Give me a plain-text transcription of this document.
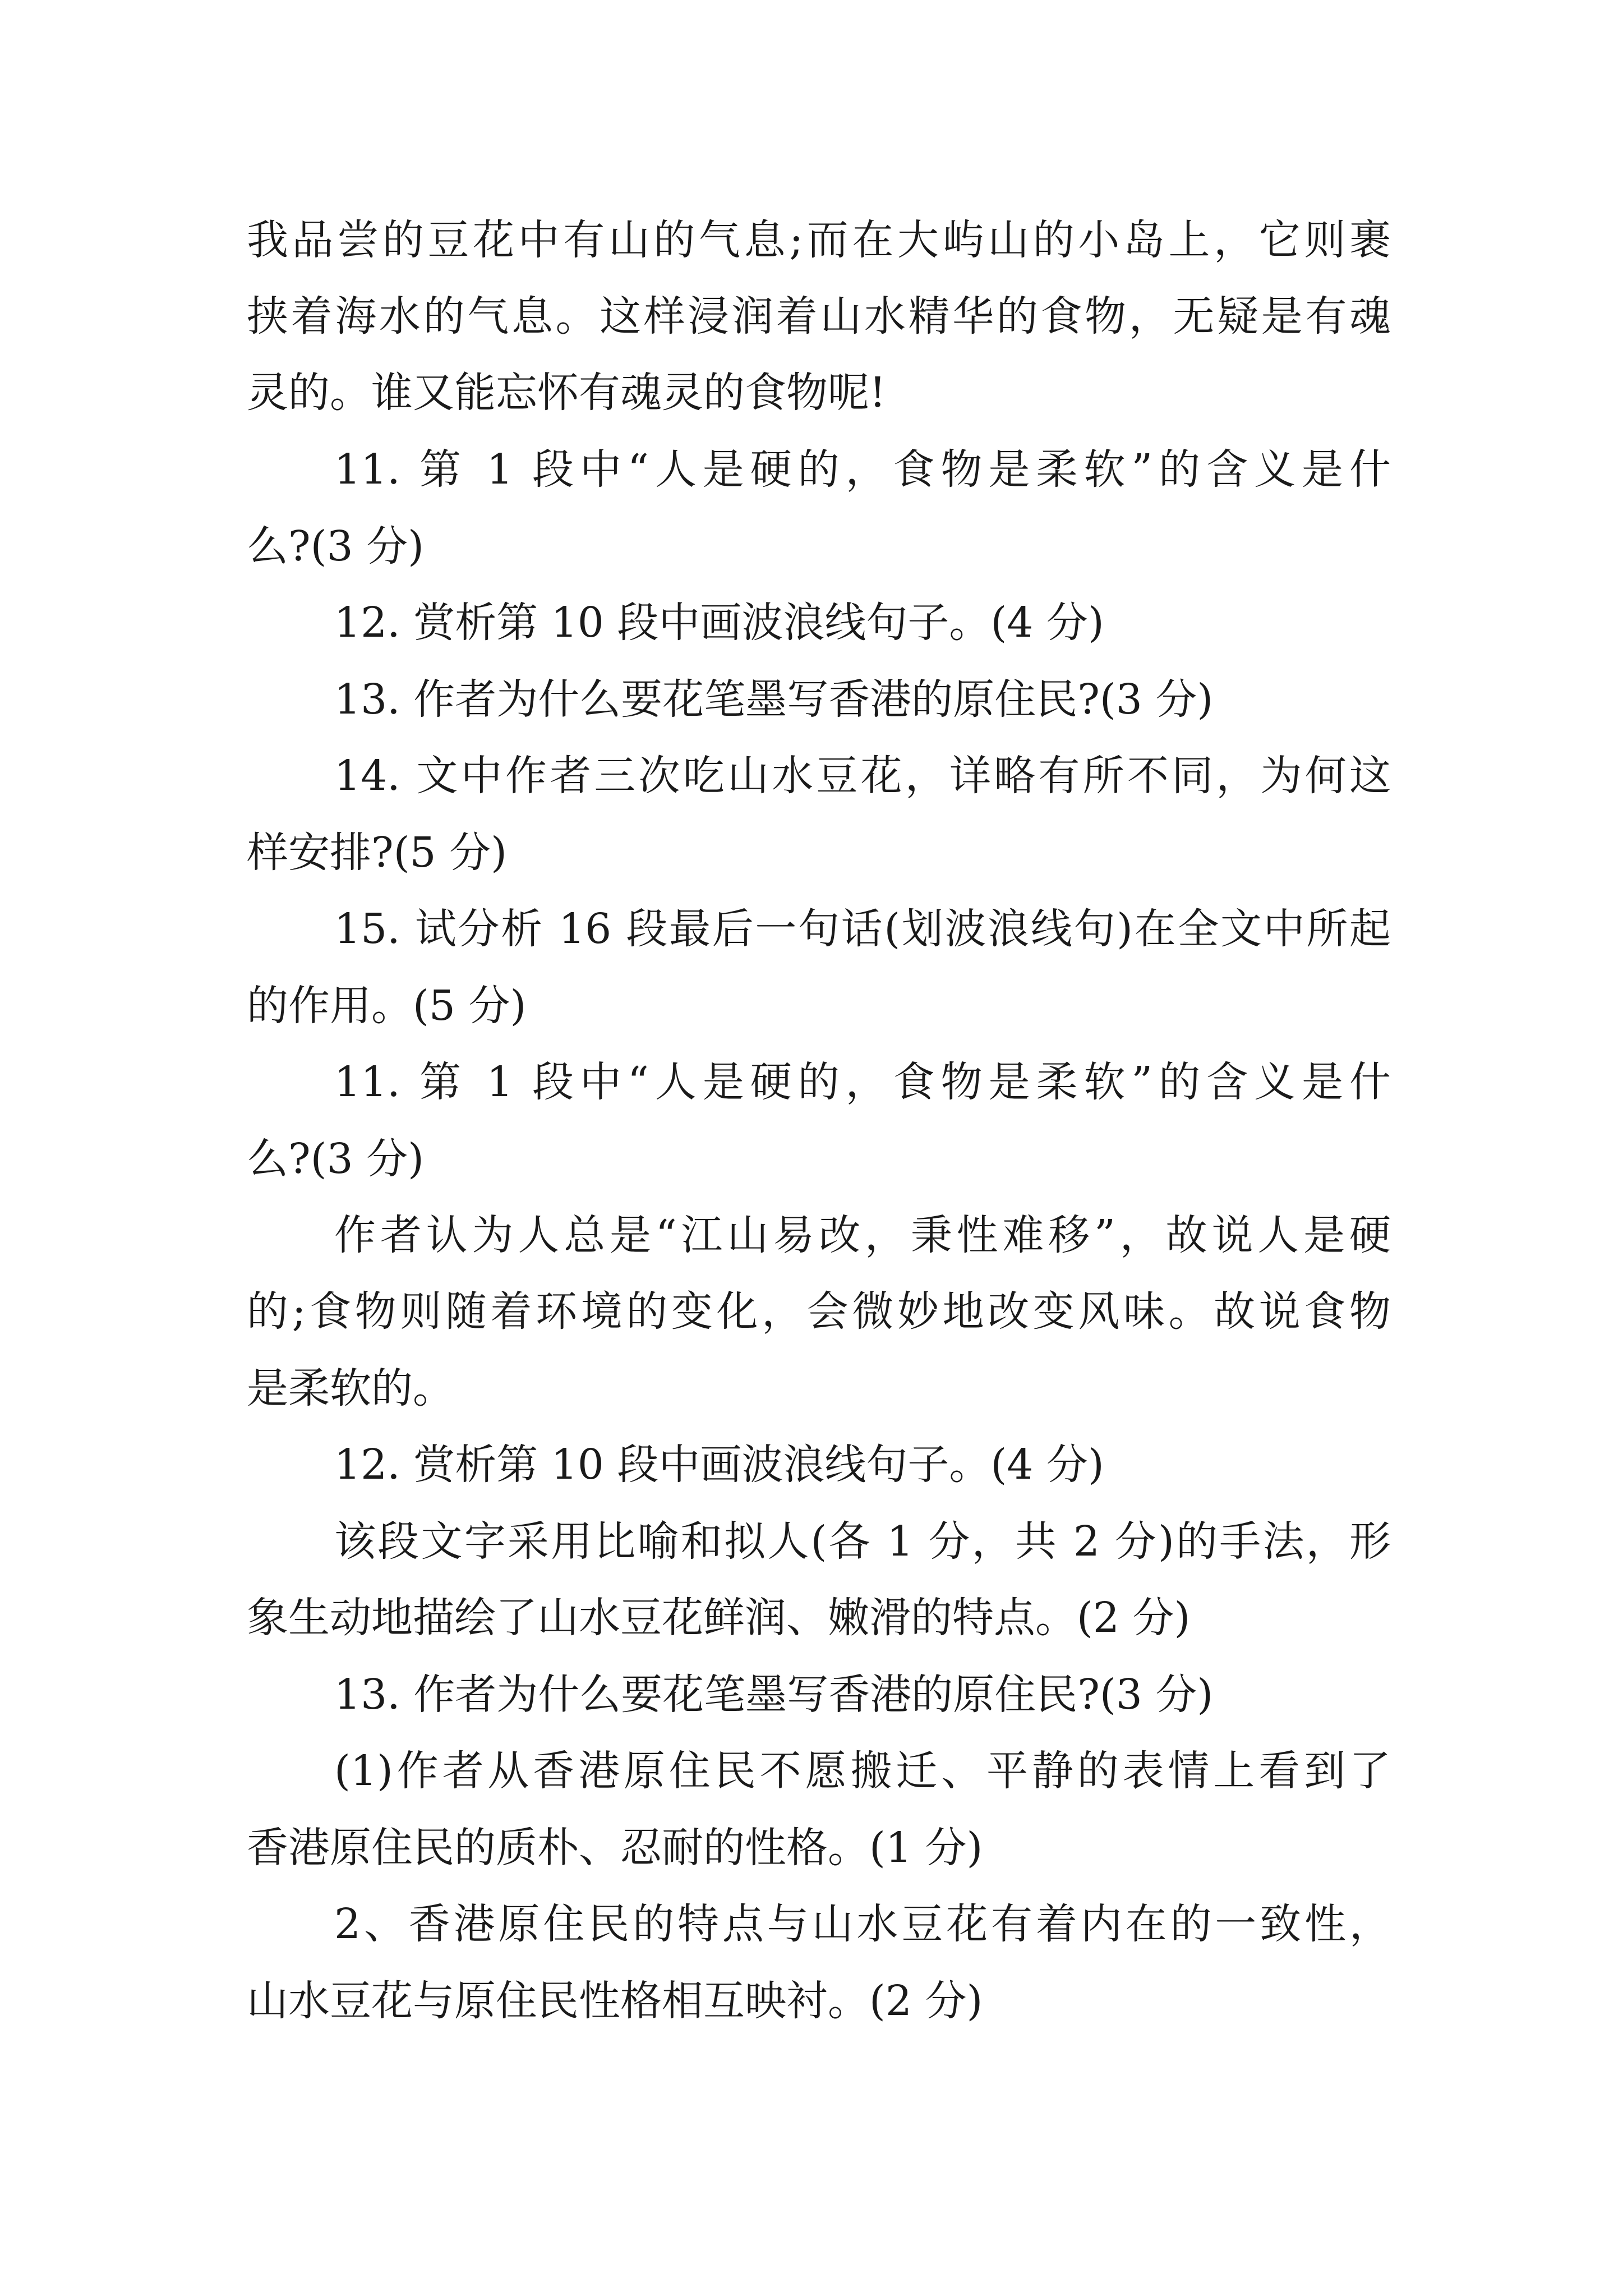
我品尝的豆花中有山的气息;而在大屿山的小岛上，它则裹
挟着海水的气息。这样浸润着山水精华的食物，无疑是有魂
灵的。谁又能忘怀有魂灵的食物呢!
11. 第 1 段中“人是硬的，食物是柔软”的含义是什
么?(3 分)
12. 赏析第 10 段中画波浪线句子。(4 分)
13. 作者为什么要花笔墨写香港的原住民?(3 分)
14. 文中作者三次吃山水豆花，详略有所不同，为何这
样安排?(5 分)
15. 试分析 16 段最后一句话(划波浪线句)在全文中所起
的作用。(5 分)
11. 第 1 段中“人是硬的，食物是柔软”的含义是什
么?(3 分)
作者认为人总是“江山易改，秉性难移”，故说人是硬
的;食物则随着环境的变化，会微妙地改变风味。故说食物
是柔软的。
12. 赏析第 10 段中画波浪线句子。(4 分)
该段文字采用比喻和拟人(各 1 分，共 2 分)的手法，形
象生动地描绘了山水豆花鲜润、嫩滑的特点。(2 分)
13. 作者为什么要花笔墨写香港的原住民?(3 分)
(1)作者从香港原住民不愿搬迁、平静的表情上看到了
香港原住民的质朴、忍耐的性格。(1 分)
2、香港原住民的特点与山水豆花有着内在的一致性，
山水豆花与原住民性格相互映衬。(2 分)
